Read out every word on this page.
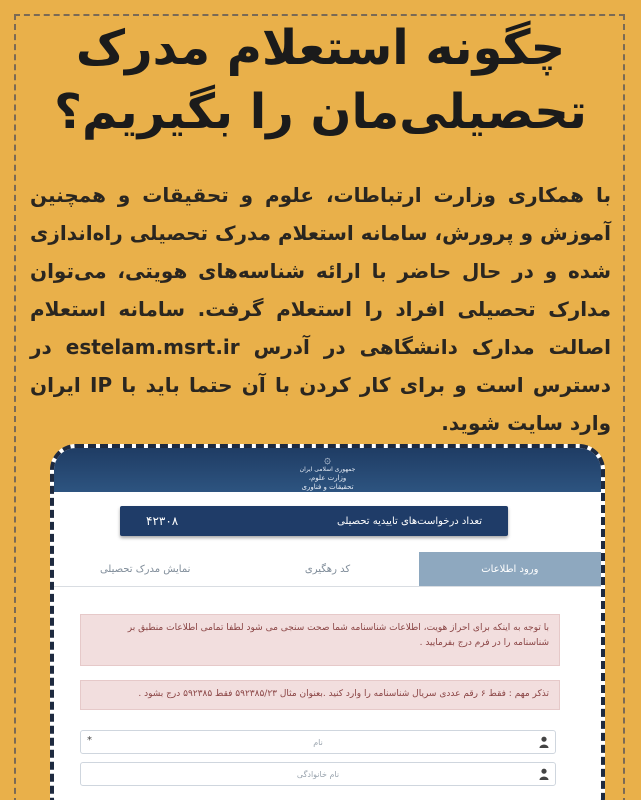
چگونه استعلام مدرک تحصیلی‌مان را بگیریم؟
با همکاری وزارت ارتباطات، علوم و تحقیقات و همچنین آموزش و پرورش، سامانه استعلام مدرک تحصیلی راه‌اندازی شده و در حال حاضر با ارائه شناسه‌های هویتی، می‌توان مدارک تحصیلی افراد را استعلام گرفت. سامانه استعلام اصالت مدارک دانشگاهی در آدرس estelam.msrt.ir در دسترس است و برای کار کردن با آن حتما باید با IP ایران وارد سایت شوید.
۞
جمهوری اسلامی ایران
وزارت علوم، تحقیقات و فناوری
۴۲۳۰۸	تعداد درخواست‌های تاییدیه تحصیلی
ورود اطلاعات
کد رهگیری
نمایش مدرک تحصیلی
با توجه به اینکه برای احراز هویت، اطلاعات شناسنامه شما صحت سنجی می شود لطفا تمامی اطلاعات منطبق بر شناسنامه را در فرم درج بفرمایید .
تذکر مهم : فقط ۶ رقم عددی سریال شناسنامه را وارد کنید .بعنوان مثال ۵۹۲۳۸۵/۲۳ فقط ۵۹۲۳۸۵ درج بشود .
نام
*
نام خانوادگی
